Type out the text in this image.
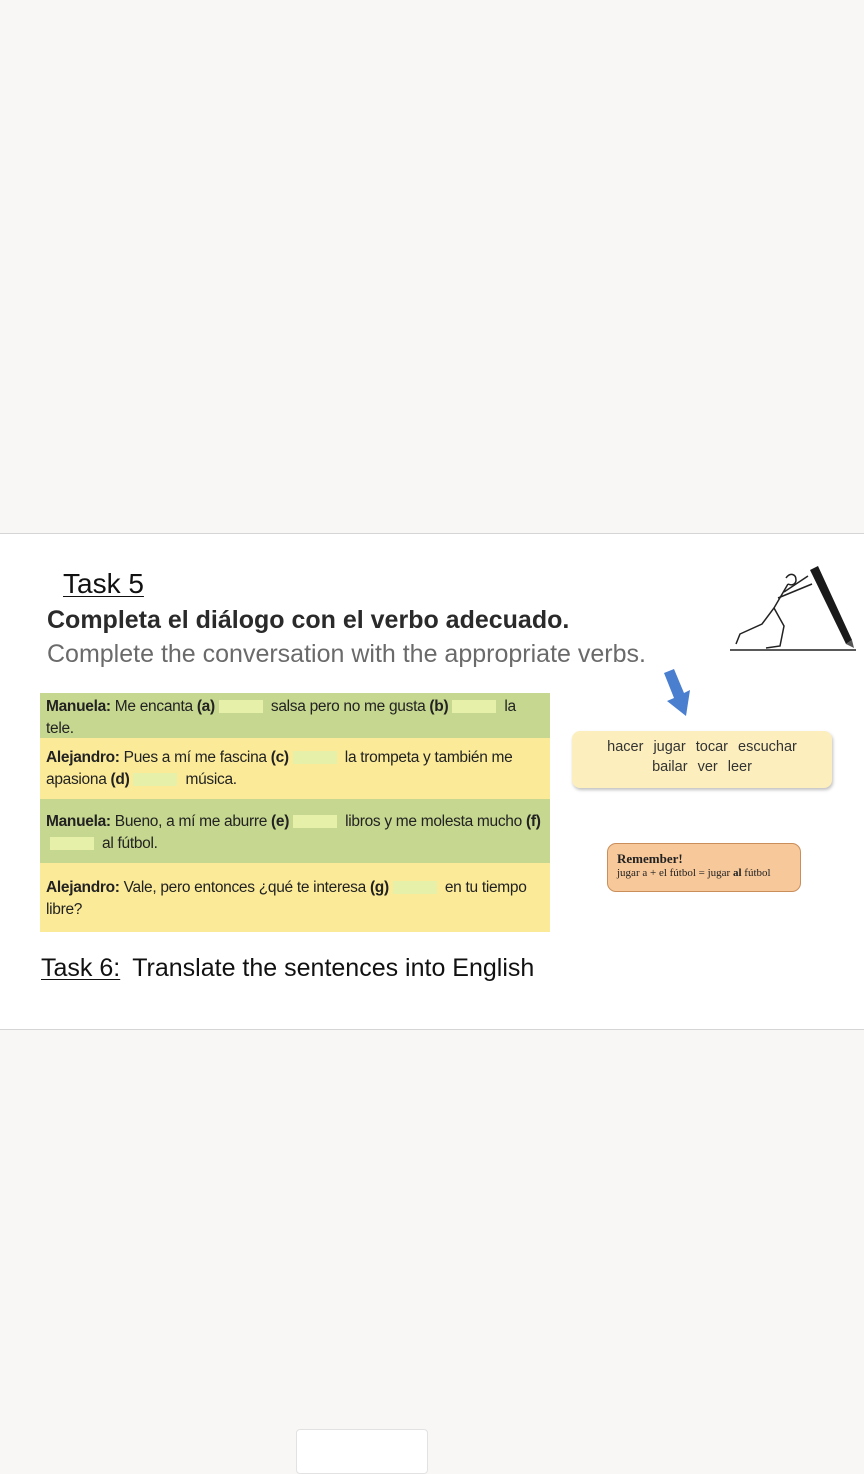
Task 5
Completa el diálogo con el verbo adecuado.
Complete the conversation with the appropriate verbs.
Manuela: Me encanta (a)	salsa pero no me gusta (b)	la tele.
Alejandro: Pues a mí me fascina (c)	la trompeta y también me apasiona (d)	música.
Manuela: Bueno, a mí me aburre (e)	libros y me molesta mucho (f) al fútbol.
Alejandro: Vale, pero entonces ¿qué te interesa (g)	en tu tiempo libre?
hacer jugar tocar escuchar
bailar ver leer
Remember!
jugar a + el fútbol = jugar al fútbol
Task 6: Translate the sentences into English
